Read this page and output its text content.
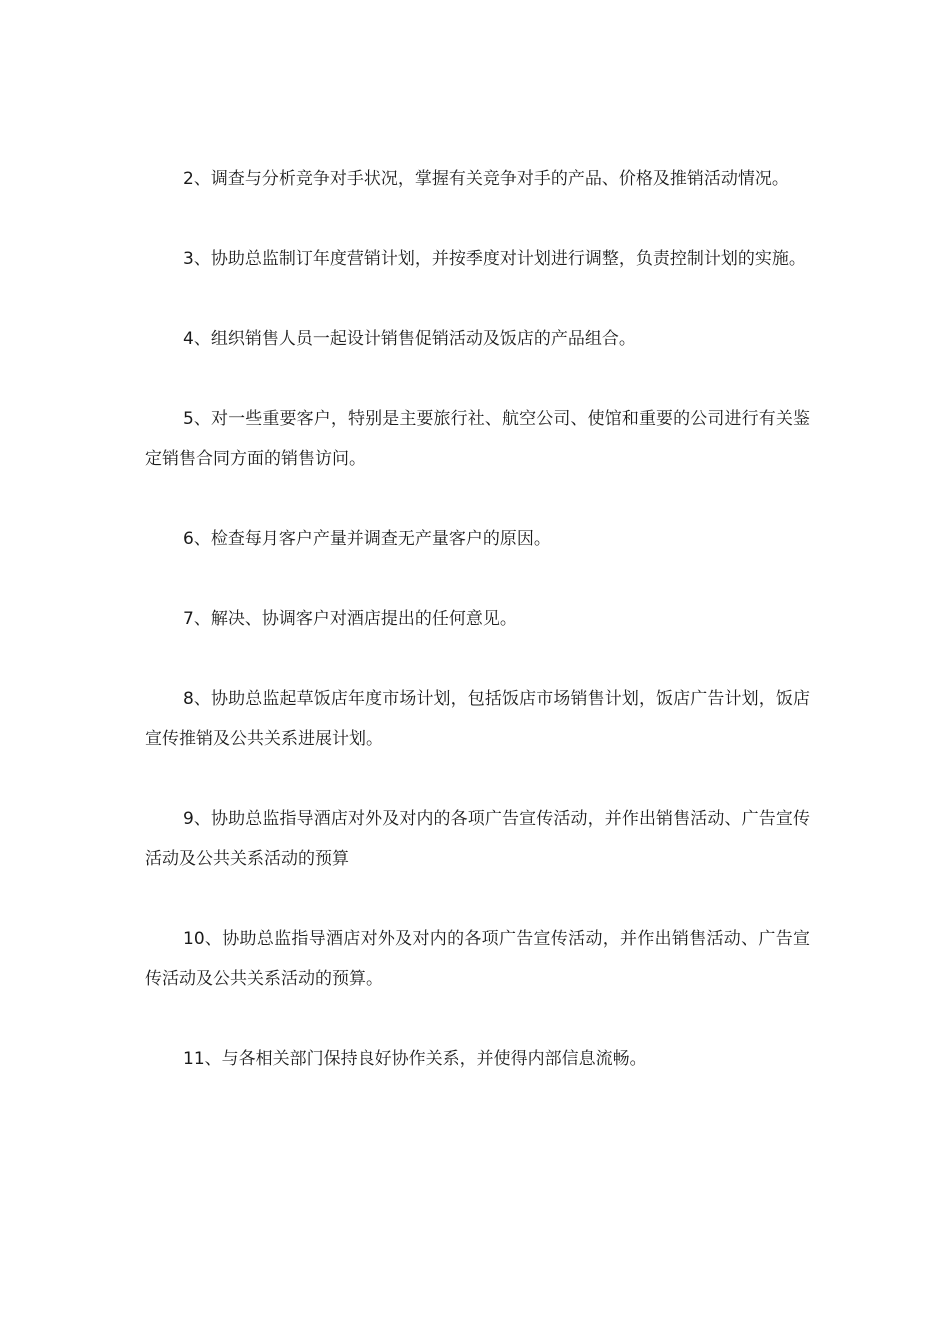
2、调查与分析竞争对手状况，掌握有关竞争对手的产品、价格及推销活动情况。

3、协助总监制订年度营销计划，并按季度对计划进行调整，负责控制计划的实施。

4、组织销售人员一起设计销售促销活动及饭店的产品组合。

5、对一些重要客户，特别是主要旅行社、航空公司、使馆和重要的公司进行有关鉴定销售合同方面的销售访问。

6、检查每月客户产量并调查无产量客户的原因。

7、解决、协调客户对酒店提出的任何意见。

8、协助总监起草饭店年度市场计划，包括饭店市场销售计划，饭店广告计划，饭店宣传推销及公共关系进展计划。

9、协助总监指导酒店对外及对内的各项广告宣传活动，并作出销售活动、广告宣传活动及公共关系活动的预算

10、协助总监指导酒店对外及对内的各项广告宣传活动，并作出销售活动、广告宣传活动及公共关系活动的预算。

11、与各相关部门保持良好协作关系，并使得内部信息流畅。
